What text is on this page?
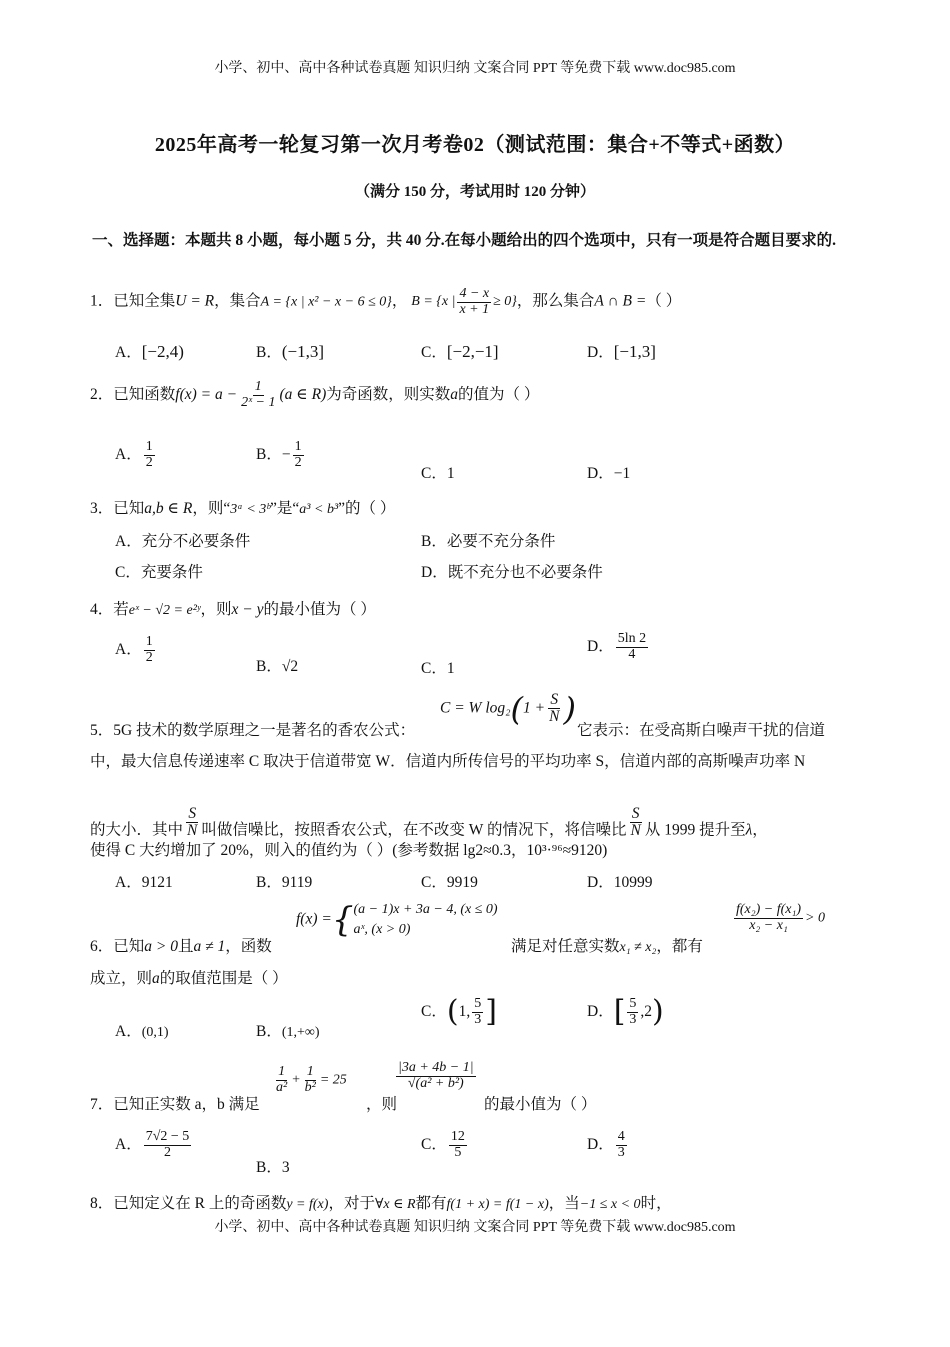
小学、初中、高中各种试卷真题 知识归纳 文案合同 PPT 等免费下载 www.doc985.com
2025年高考一轮复习第一次月考卷02（测试范围：集合+不等式+函数）
（满分 150 分，考试用时 120 分钟）
一、选择题：本题共 8 小题，每小题 5 分，共 40 分.在每小题给出的四个选项中，只有一项是符合题目要求的.
1．已知全集U = R，集合A = {x | x² − x − 6 ≤ 0}， B = {x | $\frac{4 - x}{x + 1} \ge 0$}，那么集合A ∩ B =（ ）
A．[−2,4)	B．(−1,3]	C．[−2,−1]	D．[−1,3]
2．已知函数$f(x) = a - \frac{1}{\text{2ˣ − 1}} (a$ ∈ R)为奇函数，则实数a的值为（ ）
A． $\frac{1}{2}$	B．− $\frac{1}{2}$
C．1	D．−1
3．已知a,b ∈ R，则“3ᵃ < 3ᵇ”是“a³ < b³”的（ ）
A．充分不必要条件	B．必要不充分条件
C．充要条件	D．既不充分也不必要条件
4．若eˣ − √2 = e²ʸ，则x − y的最小值为（ ）
A． $\frac{1}{2}$
B．√2	C．1
D． $\frac{5\ln 2}{4}$
5．5G 技术的数学原理之一是著名的香农公式：
C = W $\log_2(1 + \frac{S}{N}$ )
它表示：在受高斯白噪声干扰的信道
中，最大信息传递速率 C 取决于信道带宽 W．信道内所传信号的平均功率 S，信道内部的高斯噪声功率 N
的大小．其中 $\frac{S}{N}$ 叫做信噪比，按照香农公式，在不改变 W 的情况下，将信噪比 $\frac{S}{N}$ 从 1999 提升至λ，
使得 C 大约增加了 20%，则入的值约为（ ）(参考数据 lg2≈0.3，10³·⁹⁶≈9120)
A．9121	B．9119	C．9919	D．10999
6．已知a > 0且a ≠ 1，函数
f(x) ={ (a − 1)x + 3a − 4, (x ≤ 0)
aˣ, (x > 0)
满足对任意实数x₁ ≠ x₂，都有
$\frac{\text{f(x₂) − f(x₁)}}{\text{x₂ − x₁}} > 0$
成立，则a的取值范围是（ ）
A．(0,1)	B．(1,+∞)
C．(1, $\frac{5}{3}$ ]	D．[ $\frac{5}{3} ,2$)
7．已知正实数 a，b 满足
$\frac{1}{\text{a²}} + \frac{1}{\text{b²}} = 25$
，则
$\frac{|3a + 4b - 1|}{\text{√(a² + b²)}}$
的最小值为（ ）
A． $\frac{7√2 - 5}{2}$
B．3
C． $\frac{12}{5}$	D． $\frac{4}{3}$
8．已知定义在 R 上的奇函数y = f(x)，对于∀x ∈ R都有f(1 + x) = f(1 − x)，当−1 ≤ x < 0时，
小学、初中、高中各种试卷真题 知识归纳 文案合同 PPT 等免费下载 www.doc985.com
